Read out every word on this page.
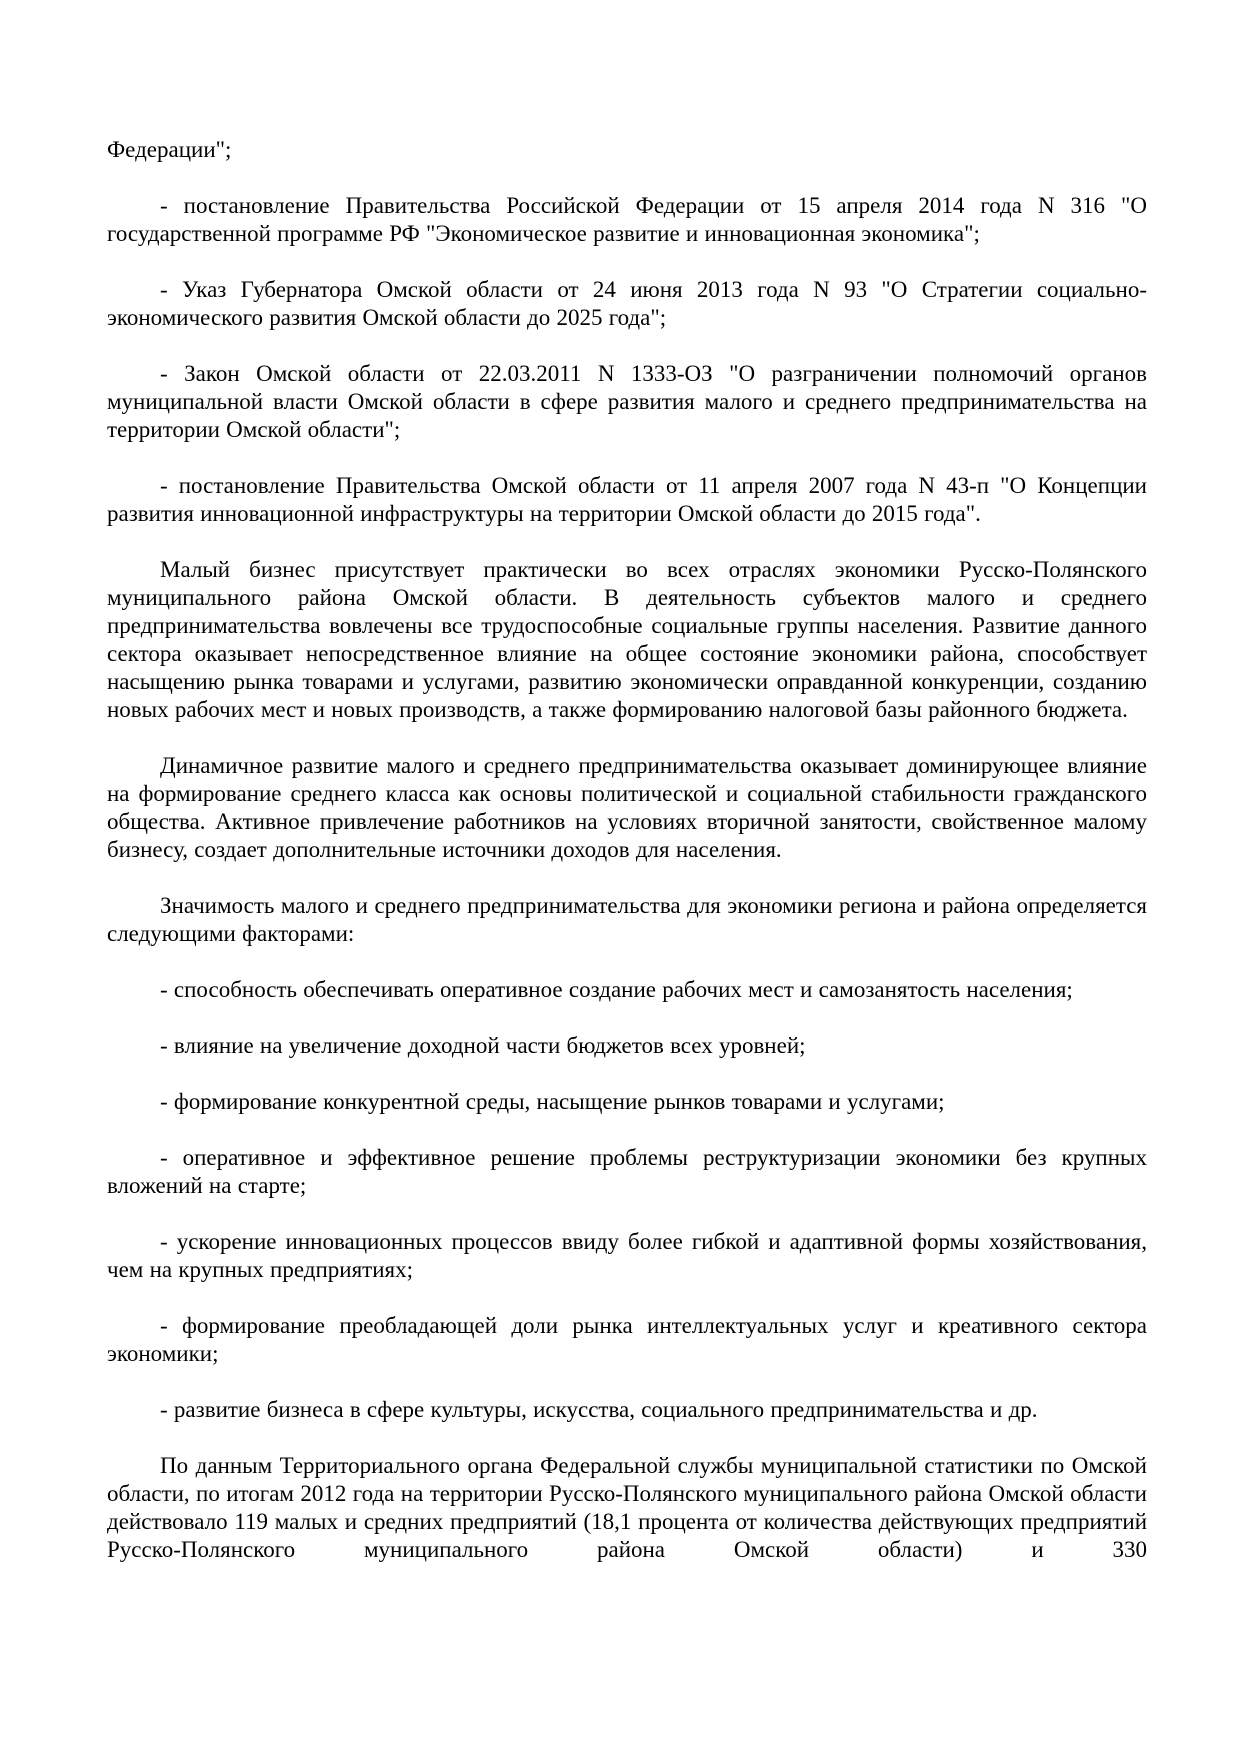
Федерации";

- постановление Правительства Российской Федерации от 15 апреля 2014 года N 316 "О государственной программе РФ "Экономическое развитие и инновационная экономика";

- Указ Губернатора Омской области от 24 июня 2013 года N 93 "О Стратегии социально-экономического развития Омской области до 2025 года";

- Закон Омской области от 22.03.2011 N 1333-ОЗ "О разграничении полномочий органов муниципальной власти Омской области в сфере развития малого и среднего предпринимательства на территории Омской области";

- постановление Правительства Омской области от 11 апреля 2007 года N 43-п "О Концепции развития инновационной инфраструктуры на территории Омской области до 2015 года".

Малый бизнес присутствует практически во всех отраслях экономики Русско-Полянского муниципального района Омской области. В деятельность субъектов малого и среднего предпринимательства вовлечены все трудоспособные социальные группы населения. Развитие данного сектора оказывает непосредственное влияние на общее состояние экономики района, способствует насыщению рынка товарами и услугами, развитию экономически оправданной конкуренции, созданию новых рабочих мест и новых производств, а также формированию налоговой базы районного бюджета.

Динамичное развитие малого и среднего предпринимательства оказывает доминирующее влияние на формирование среднего класса как основы политической и социальной стабильности гражданского общества. Активное привлечение работников на условиях вторичной занятости, свойственное малому бизнесу, создает дополнительные источники доходов для населения.

Значимость малого и среднего предпринимательства для экономики региона и района определяется следующими факторами:

- способность обеспечивать оперативное создание рабочих мест и самозанятость населения;

- влияние на увеличение доходной части бюджетов всех уровней;

- формирование конкурентной среды, насыщение рынков товарами и услугами;

- оперативное и эффективное решение проблемы реструктуризации экономики без крупных вложений на старте;

- ускорение инновационных процессов ввиду более гибкой и адаптивной формы хозяйствования, чем на крупных предприятиях;

- формирование преобладающей доли рынка интеллектуальных услуг и креативного сектора экономики;

- развитие бизнеса в сфере культуры, искусства, социального предпринимательства и др.

По данным Территориального органа Федеральной службы муниципальной статистики по Омской области, по итогам 2012 года на территории Русско-Полянского муниципального района Омской области действовало 119 малых и средних предприятий (18,1 процента от количества действующих предприятий Русско-Полянского муниципального района Омской области) и 330
